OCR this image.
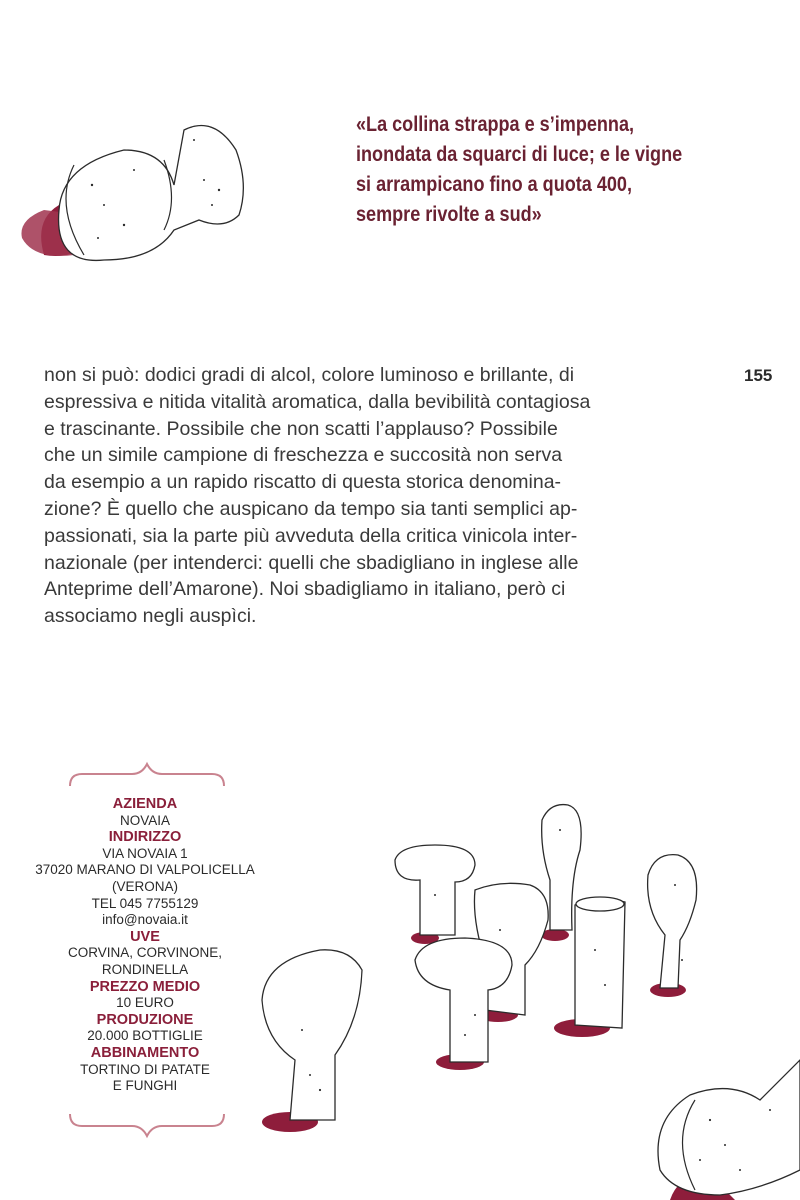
«La collina strappa e s’impenna,
inondata da squarci di luce; e le vigne
si arrampicano fino a quota 400,
sempre rivolte a sud»
155
non si può: dodici gradi di alcol, colore luminoso e brillante, di
espressiva e nitida vitalità aromatica, dalla bevibilità contagiosa
e trascinante. Possibile che non scatti l’applauso? Possibile
che un simile campione di freschezza e succosità non serva
da esempio a un rapido riscatto di questa storica denomina-
zione? È quello che auspicano da tempo sia tanti semplici ap-
passionati, sia la parte più avveduta della critica vinicola inter-
nazionale (per intenderci: quelli che sbadigliano in inglese alle
Anteprime dell’Amarone). Noi sbadigliamo in italiano, però ci
associamo negli auspìci.
AZIENDA
NOVAIA
INDIRIZZO
VIA NOVAIA 1
37020 MARANO DI VALPOLICELLA
(VERONA)
TEL 045 7755129
info@novaia.it
UVE
CORVINA, CORVINONE,
RONDINELLA
PREZZO MEDIO
10 EURO
PRODUZIONE
20.000 BOTTIGLIE
ABBINAMENTO
TORTINO DI PATATE
E FUNGHI
